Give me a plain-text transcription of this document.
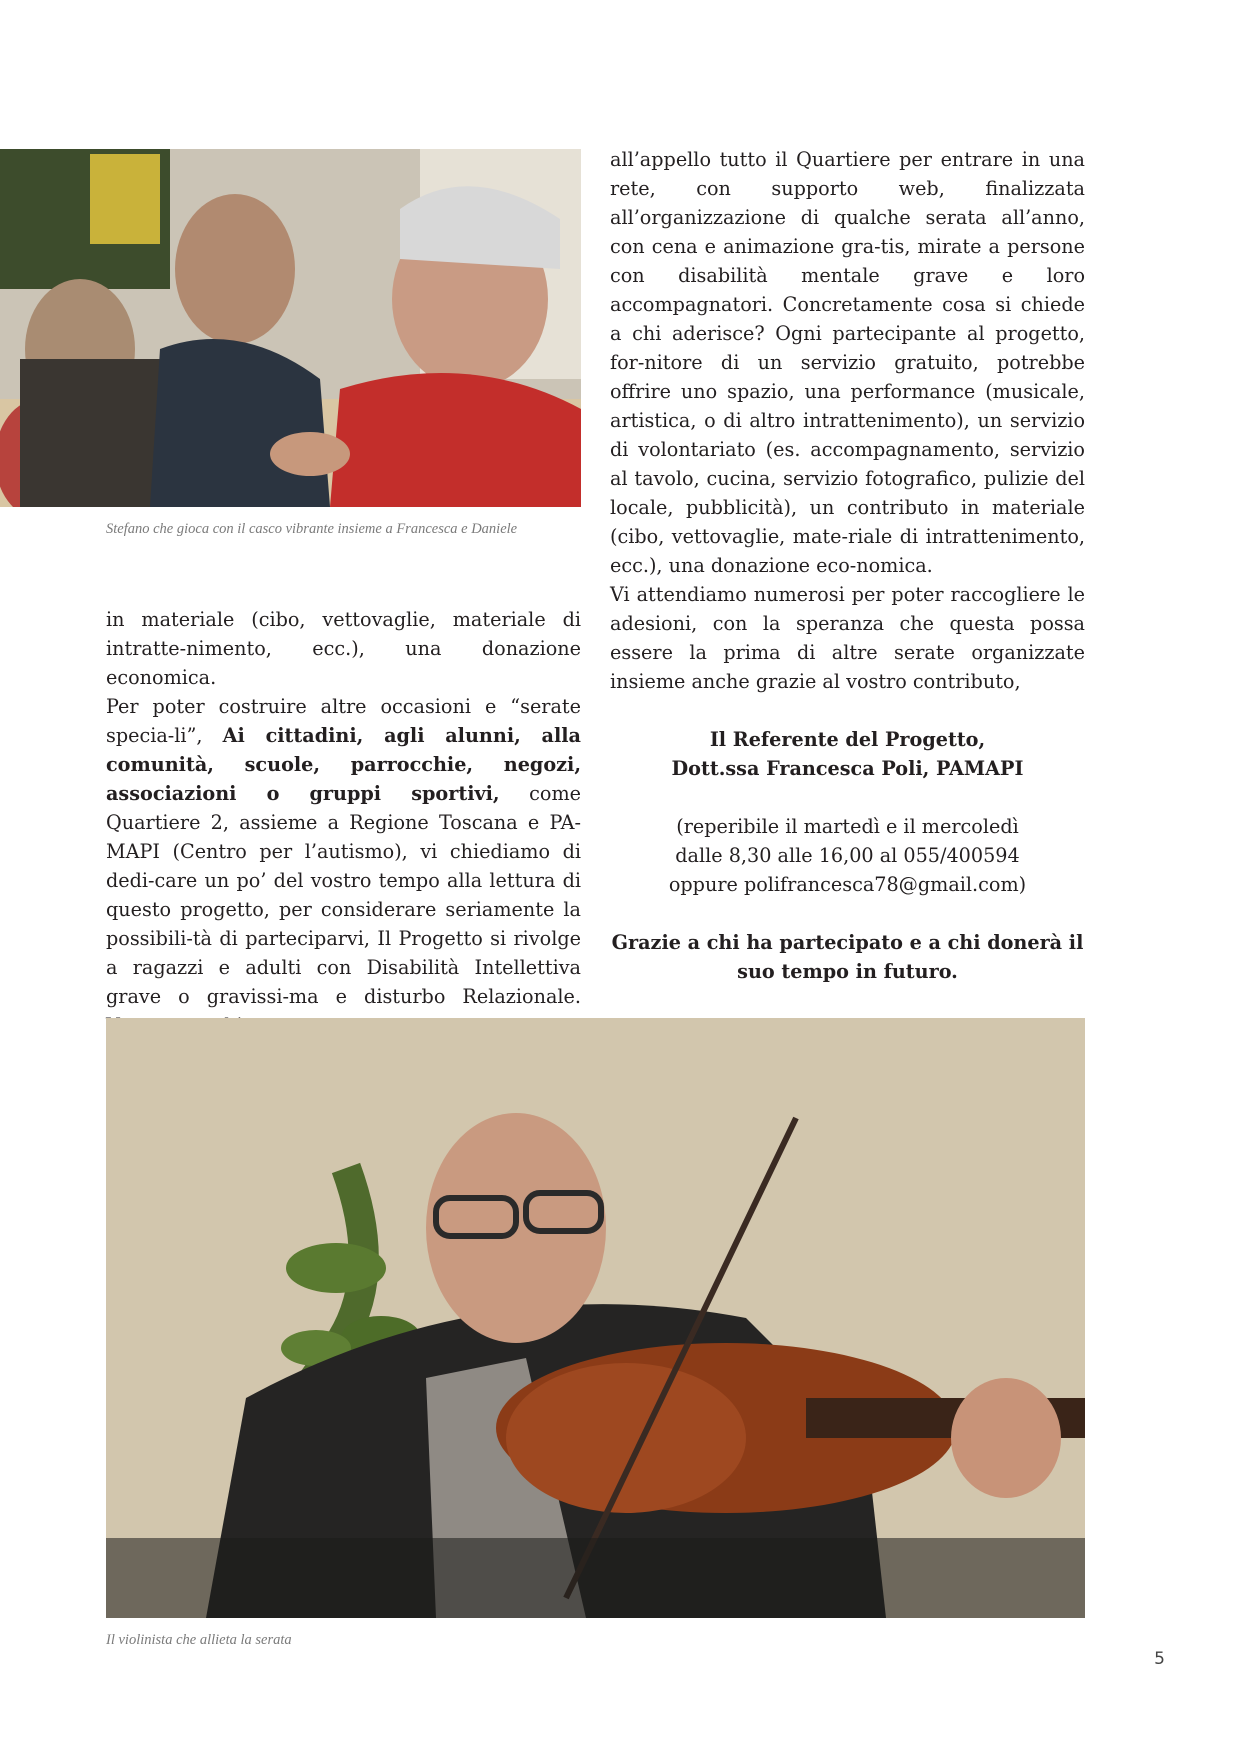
Stefano che gioca con il casco vibrante insieme a Francesca e Daniele

in materiale (cibo, vettovaglie, materiale di intratte-nimento, ecc.), una donazione economica.

Per poter costruire altre occasioni e “serate specia-li”, Ai cittadini, agli alunni, alla comunità, scuole, parrocchie, negozi, associazioni o gruppi sportivi, come Quartiere 2, assieme a Regione Toscana e PA-MAPI (Centro per l’autismo), vi chiediamo di dedi-care un po’ del vostro tempo alla lettura di questo progetto, per considerare seriamente la possibili-tà di parteciparvi, Il Progetto si rivolge a ragazzi e adulti con Disabilità Intellettiva grave o gravissi-ma e disturbo Relazionale.

all’appello tutto il Quartiere per entrare in una rete, con supporto web, finalizzata all’organizzazione di qualche serata all’anno, con cena e animazione gra-tis, mirate a persone con disabilità mentale grave e loro accompagnatori. Concretamente cosa si chiede a chi aderisce? Ogni partecipante al progetto, for-nitore di un servizio gratuito, potrebbe offrire uno spazio, una performance (musicale, artistica, o di altro intrattenimento), un servizio di volontariato (es. accompagnamento, servizio al tavolo, cucina, servizio fotografico, pulizie del locale, pubblicità), un contributo in materiale (cibo, vettovaglie, mate-riale di intrattenimento, ecc.), una donazione eco-nomica.

Vi attendiamo numerosi per poter raccogliere le adesioni, con la speranza che questa possa essere la prima di altre serate organizzate insieme anche grazie al vostro contributo,

Il Referente del Progetto,

Dott.ssa Francesca Poli, PAMAPI

(reperibile il martedì e il mercoledì

dalle 8,30 alle 16,00 al 055/400594

oppure polifrancesca78@gmail.com)

Grazie a chi ha partecipato e a chi donerà il suo tempo in futuro.

Il violinista che allieta la serata

5
